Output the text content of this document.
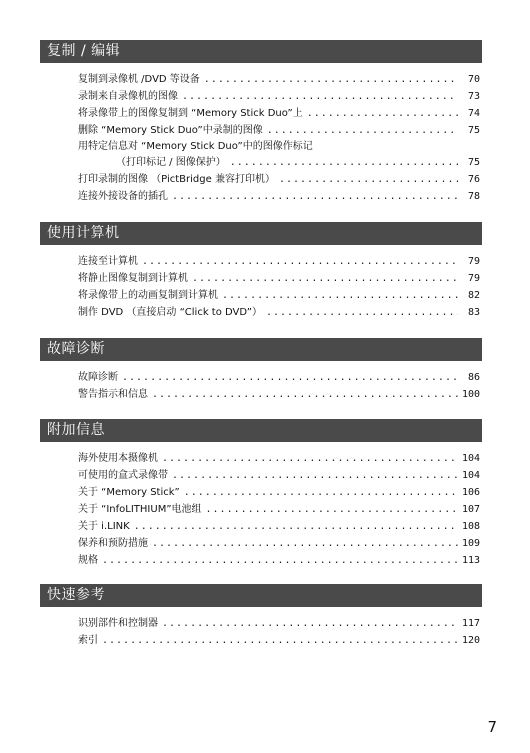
复制 / 编辑
复制到录像机 /DVD 等设备 .....	70
录制来自录像机的图像 .....	73
将录像带上的图像复制到 “Memory Stick Duo”上 .....	74
删除 “Memory Stick Duo”中录制的图像 .....	75
用特定信息对 “Memory Stick Duo”中的图像作标记
（打印标记 / 图像保护） .....	75
打印录制的图像 （PictBridge 兼容打印机） .....	76
连接外接设备的插孔 .....	78
使用计算机
连接至计算机 .....	79
将静止图像复制到计算机 .....	79
将录像带上的动画复制到计算机 .....	82
制作 DVD （直接启动 “Click to DVD”） .....	83
故障诊断
故障诊断 .....	86
警告指示和信息 .....	100
附加信息
海外使用本摄像机 .....	104
可使用的盒式录像带 .....	104
关于 “Memory Stick” .....	106
关于 “InfoLITHIUM”电池组 .....	107
关于 i.LINK .....	108
保养和预防措施 .....	109
规格 .....	113
快速参考
识别部件和控制器 .....	117
索引 .....	120
7
